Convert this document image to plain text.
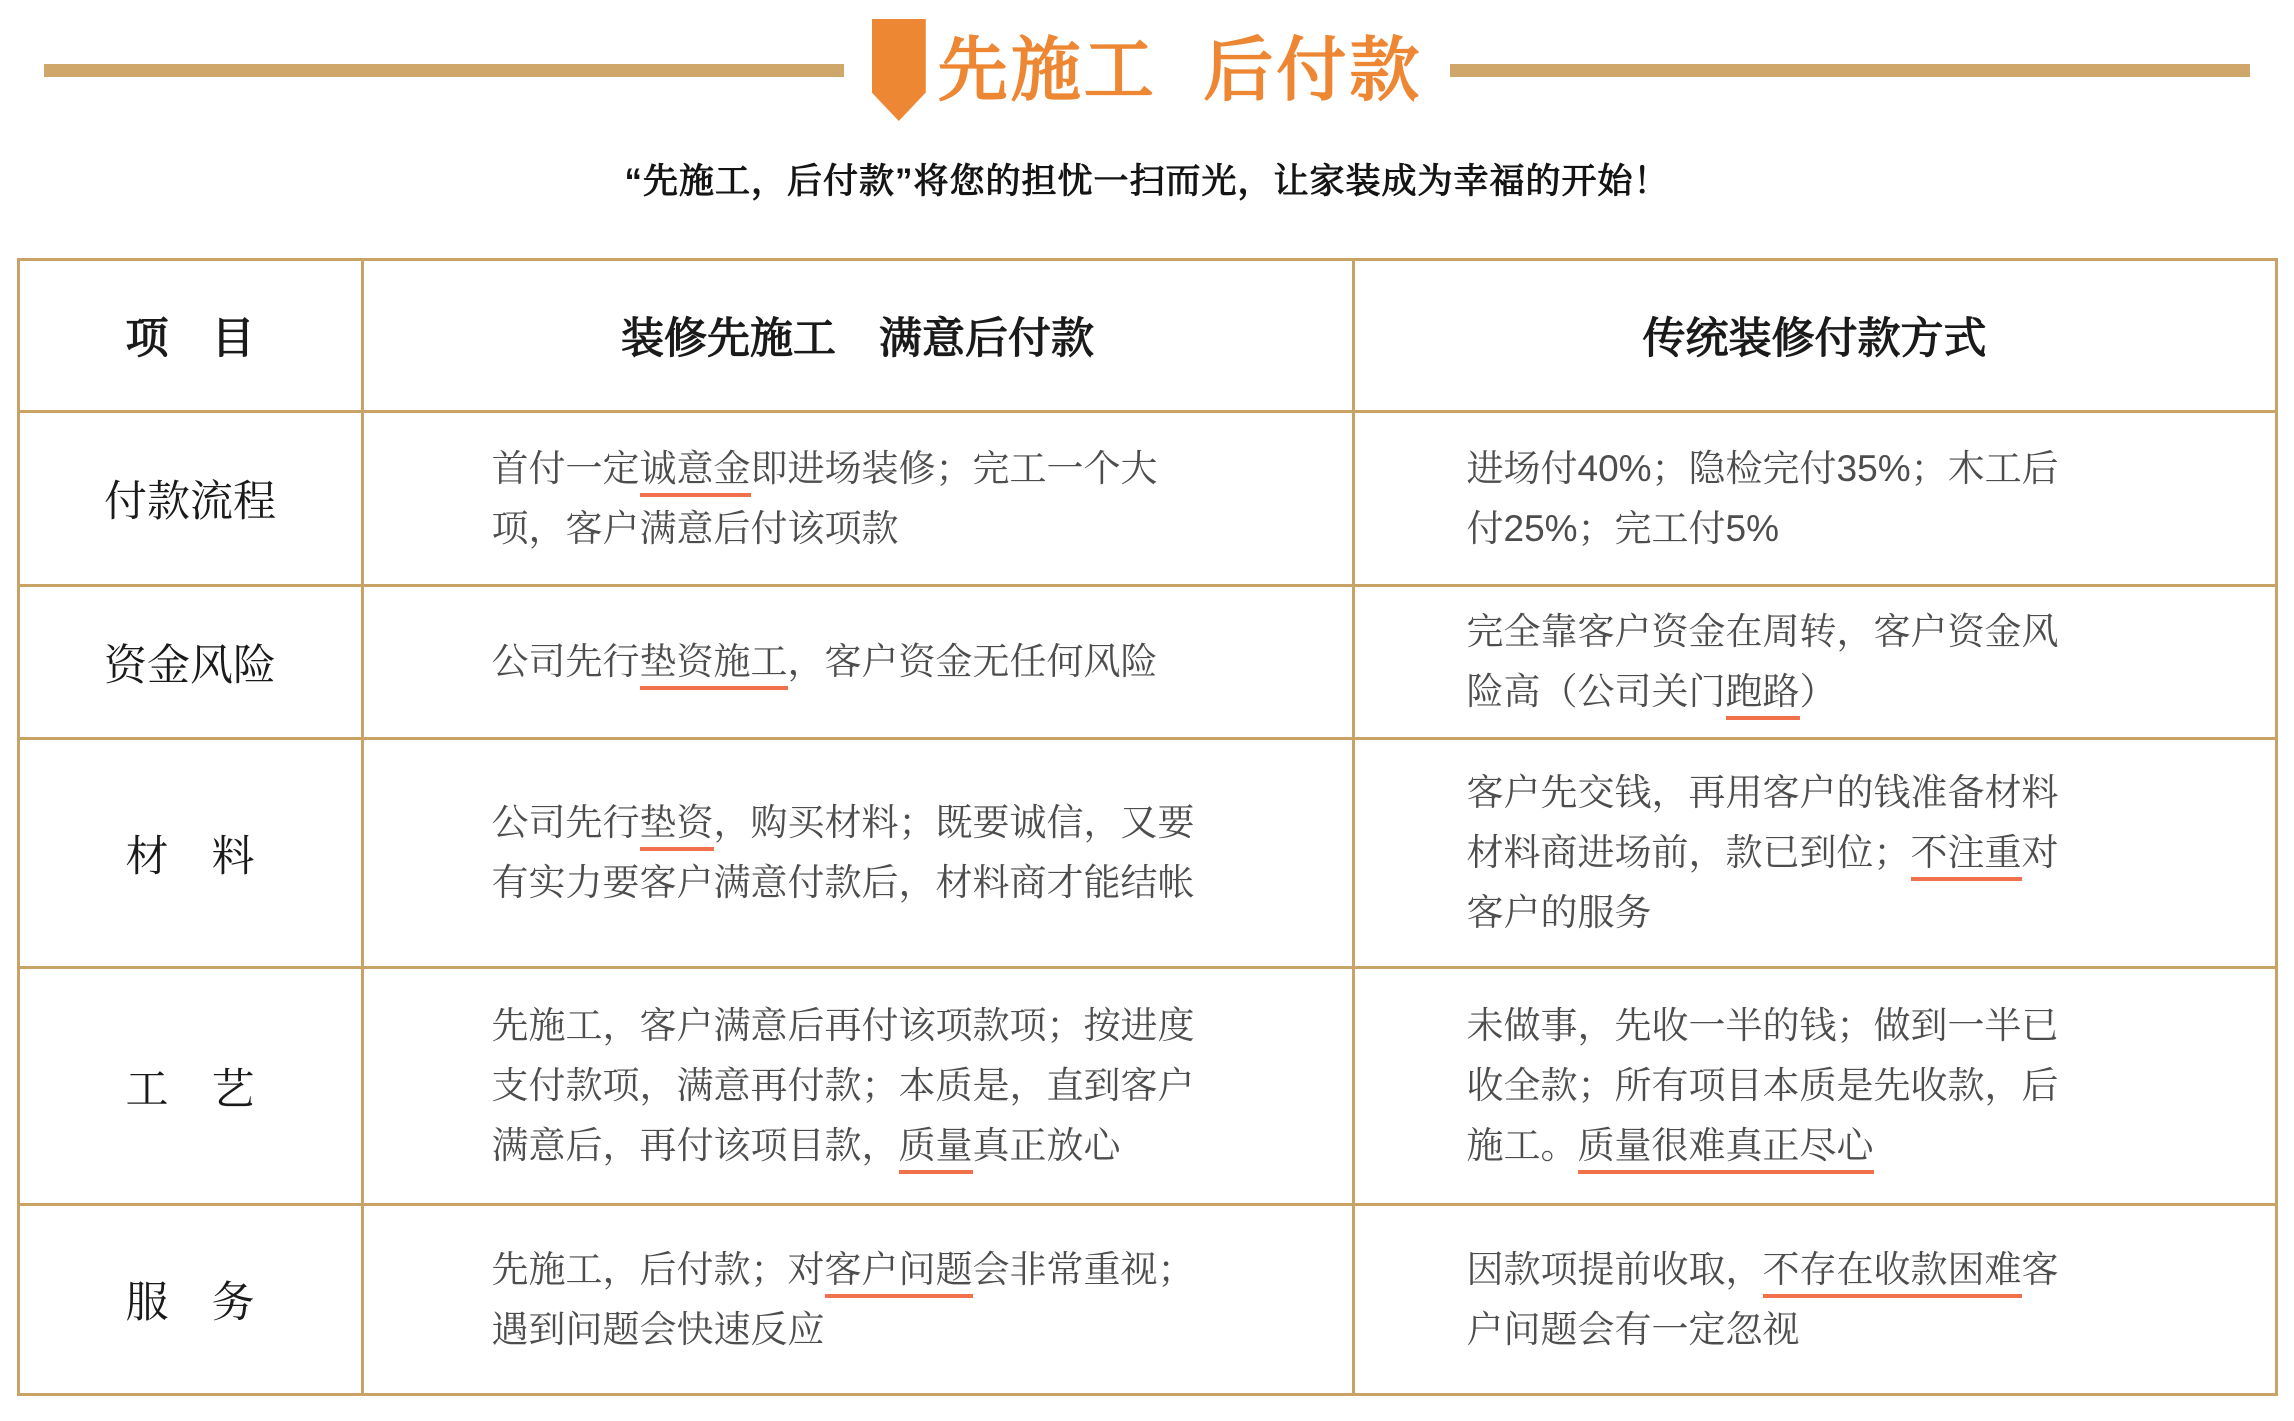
先施工 后付款

“先施工，后付款”将您的担忧一扫而光，让家装成为幸福的开始！

项　目	装修先施工　满意后付款	传统装修付款方式
付款流程	首付一定诚意金即进场装修；完工一个大项，客户满意后付该项款	进场付40%；隐检完付35%；木工后付25%；完工付5%
资金风险	公司先行垫资施工，客户资金无任何风险	完全靠客户资金在周转，客户资金风险高（公司关门跑路）
材　料	公司先行垫资，购买材料；既要诚信，又要有实力要客户满意付款后，材料商才能结帐	客户先交钱，再用客户的钱准备材料材料商进场前，款已到位；不注重对客户的服务
工　艺	先施工，客户满意后再付该项款项；按进度支付款项，满意再付款；本质是，直到客户满意后，再付该项目款，质量真正放心	未做事，先收一半的钱；做到一半已收全款；所有项目本质是先收款，后施工。质量很难真正尽心
服　务	先施工，后付款；对客户问题会非常重视；遇到问题会快速反应	因款项提前收取，不存在收款困难客户问题会有一定忽视
